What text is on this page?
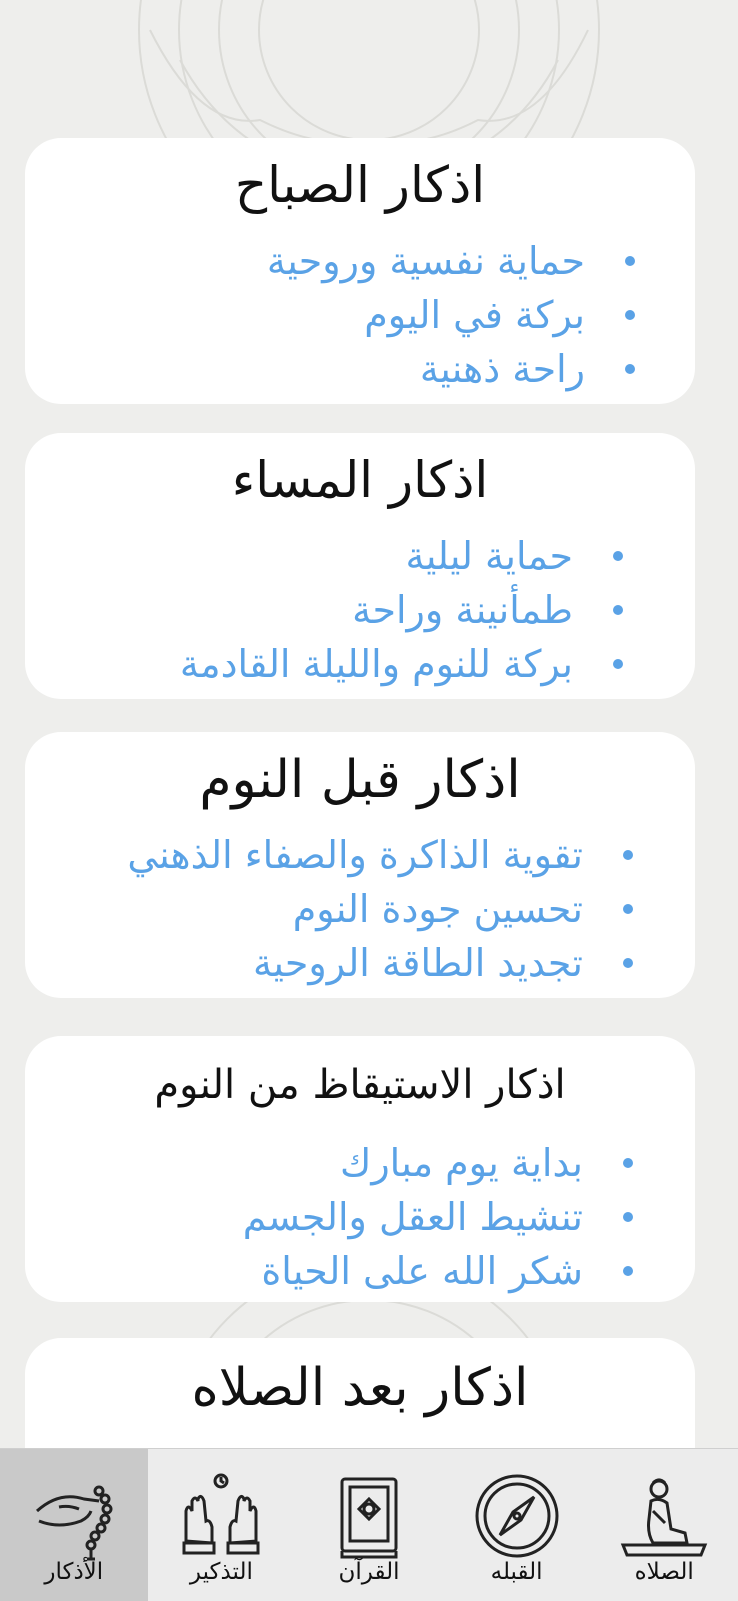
اذكار الصباح
حماية نفسية وروحية
بركة في اليوم
راحة ذهنية
اذكار المساء
حماية ليلية
طمأنينة وراحة
بركة للنوم والليلة القادمة
اذكار قبل النوم
تقوية الذاكرة والصفاء الذهني
تحسين جودة النوم
تجديد الطاقة الروحية
اذكار الاستيقاظ من النوم
بداية يوم مبارك
تنشيط العقل والجسم
شكر الله على الحياة
اذكار بعد الصلاه
الأذكار	التذكير	القرآن	القبله	الصلاه
